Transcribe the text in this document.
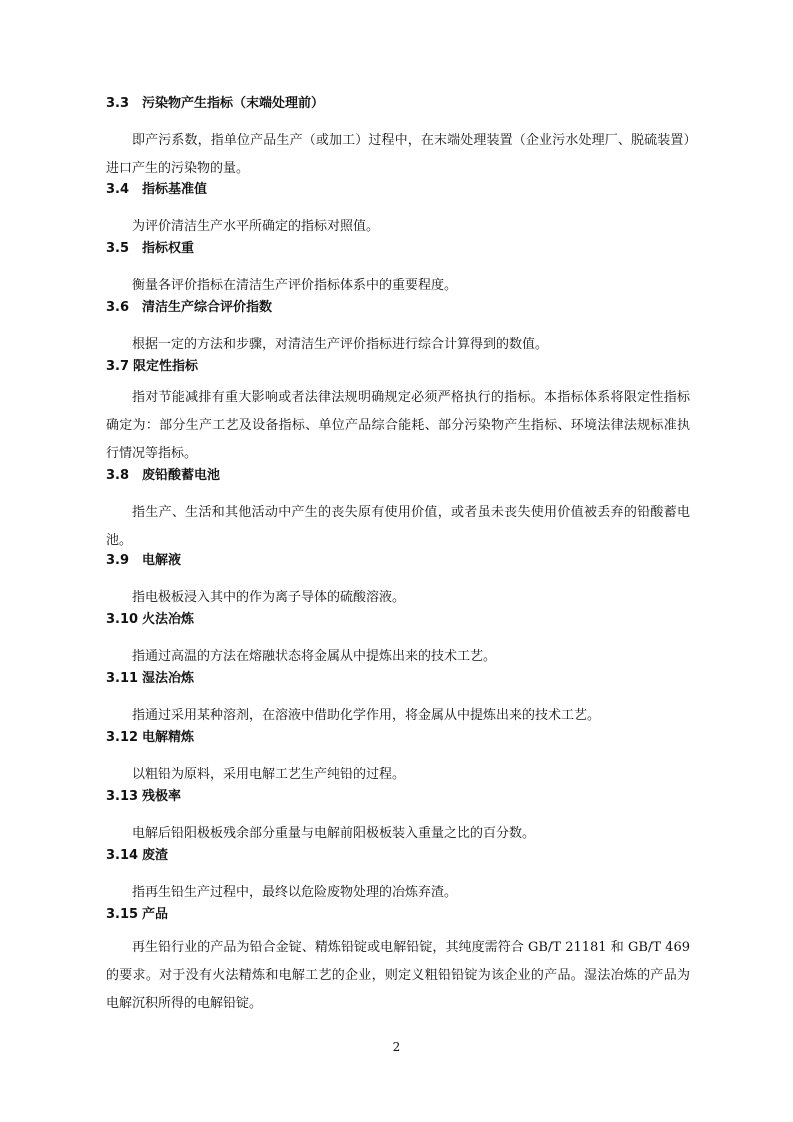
3.3 污染物产生指标（末端处理前）

即产污系数，指单位产品生产（或加工）过程中，在末端处理装置（企业污水处理厂、脱硫装置）进口产生的污染物的量。

3.4 指标基准值

为评价清洁生产水平所确定的指标对照值。

3.5 指标权重

衡量各评价指标在清洁生产评价指标体系中的重要程度。

3.6 清洁生产综合评价指数

根据一定的方法和步骤，对清洁生产评价指标进行综合计算得到的数值。

3.7 限定性指标

指对节能减排有重大影响或者法律法规明确规定必须严格执行的指标。本指标体系将限定性指标确定为：部分生产工艺及设备指标、单位产品综合能耗、部分污染物产生指标、环境法律法规标准执行情况等指标。

3.8 废铅酸蓄电池

指生产、生活和其他活动中产生的丧失原有使用价值，或者虽未丧失使用价值被丢弃的铅酸蓄电池。

3.9 电解液

指电极板浸入其中的作为离子导体的硫酸溶液。

3.10 火法冶炼

指通过高温的方法在熔融状态将金属从中提炼出来的技术工艺。

3.11 湿法冶炼

指通过采用某种溶剂，在溶液中借助化学作用，将金属从中提炼出来的技术工艺。

3.12 电解精炼

以粗铅为原料，采用电解工艺生产纯铅的过程。

3.13 残极率

电解后铅阳极板残余部分重量与电解前阳极板装入重量之比的百分数。

3.14 废渣

指再生铅生产过程中，最终以危险废物处理的冶炼弃渣。

3.15 产品

再生铅行业的产品为铅合金锭、精炼铅锭或电解铅锭，其纯度需符合 GB/T 21181 和 GB/T 469 的要求。对于没有火法精炼和电解工艺的企业，则定义粗铅铅锭为该企业的产品。湿法冶炼的产品为电解沉积所得的电解铅锭。

2
